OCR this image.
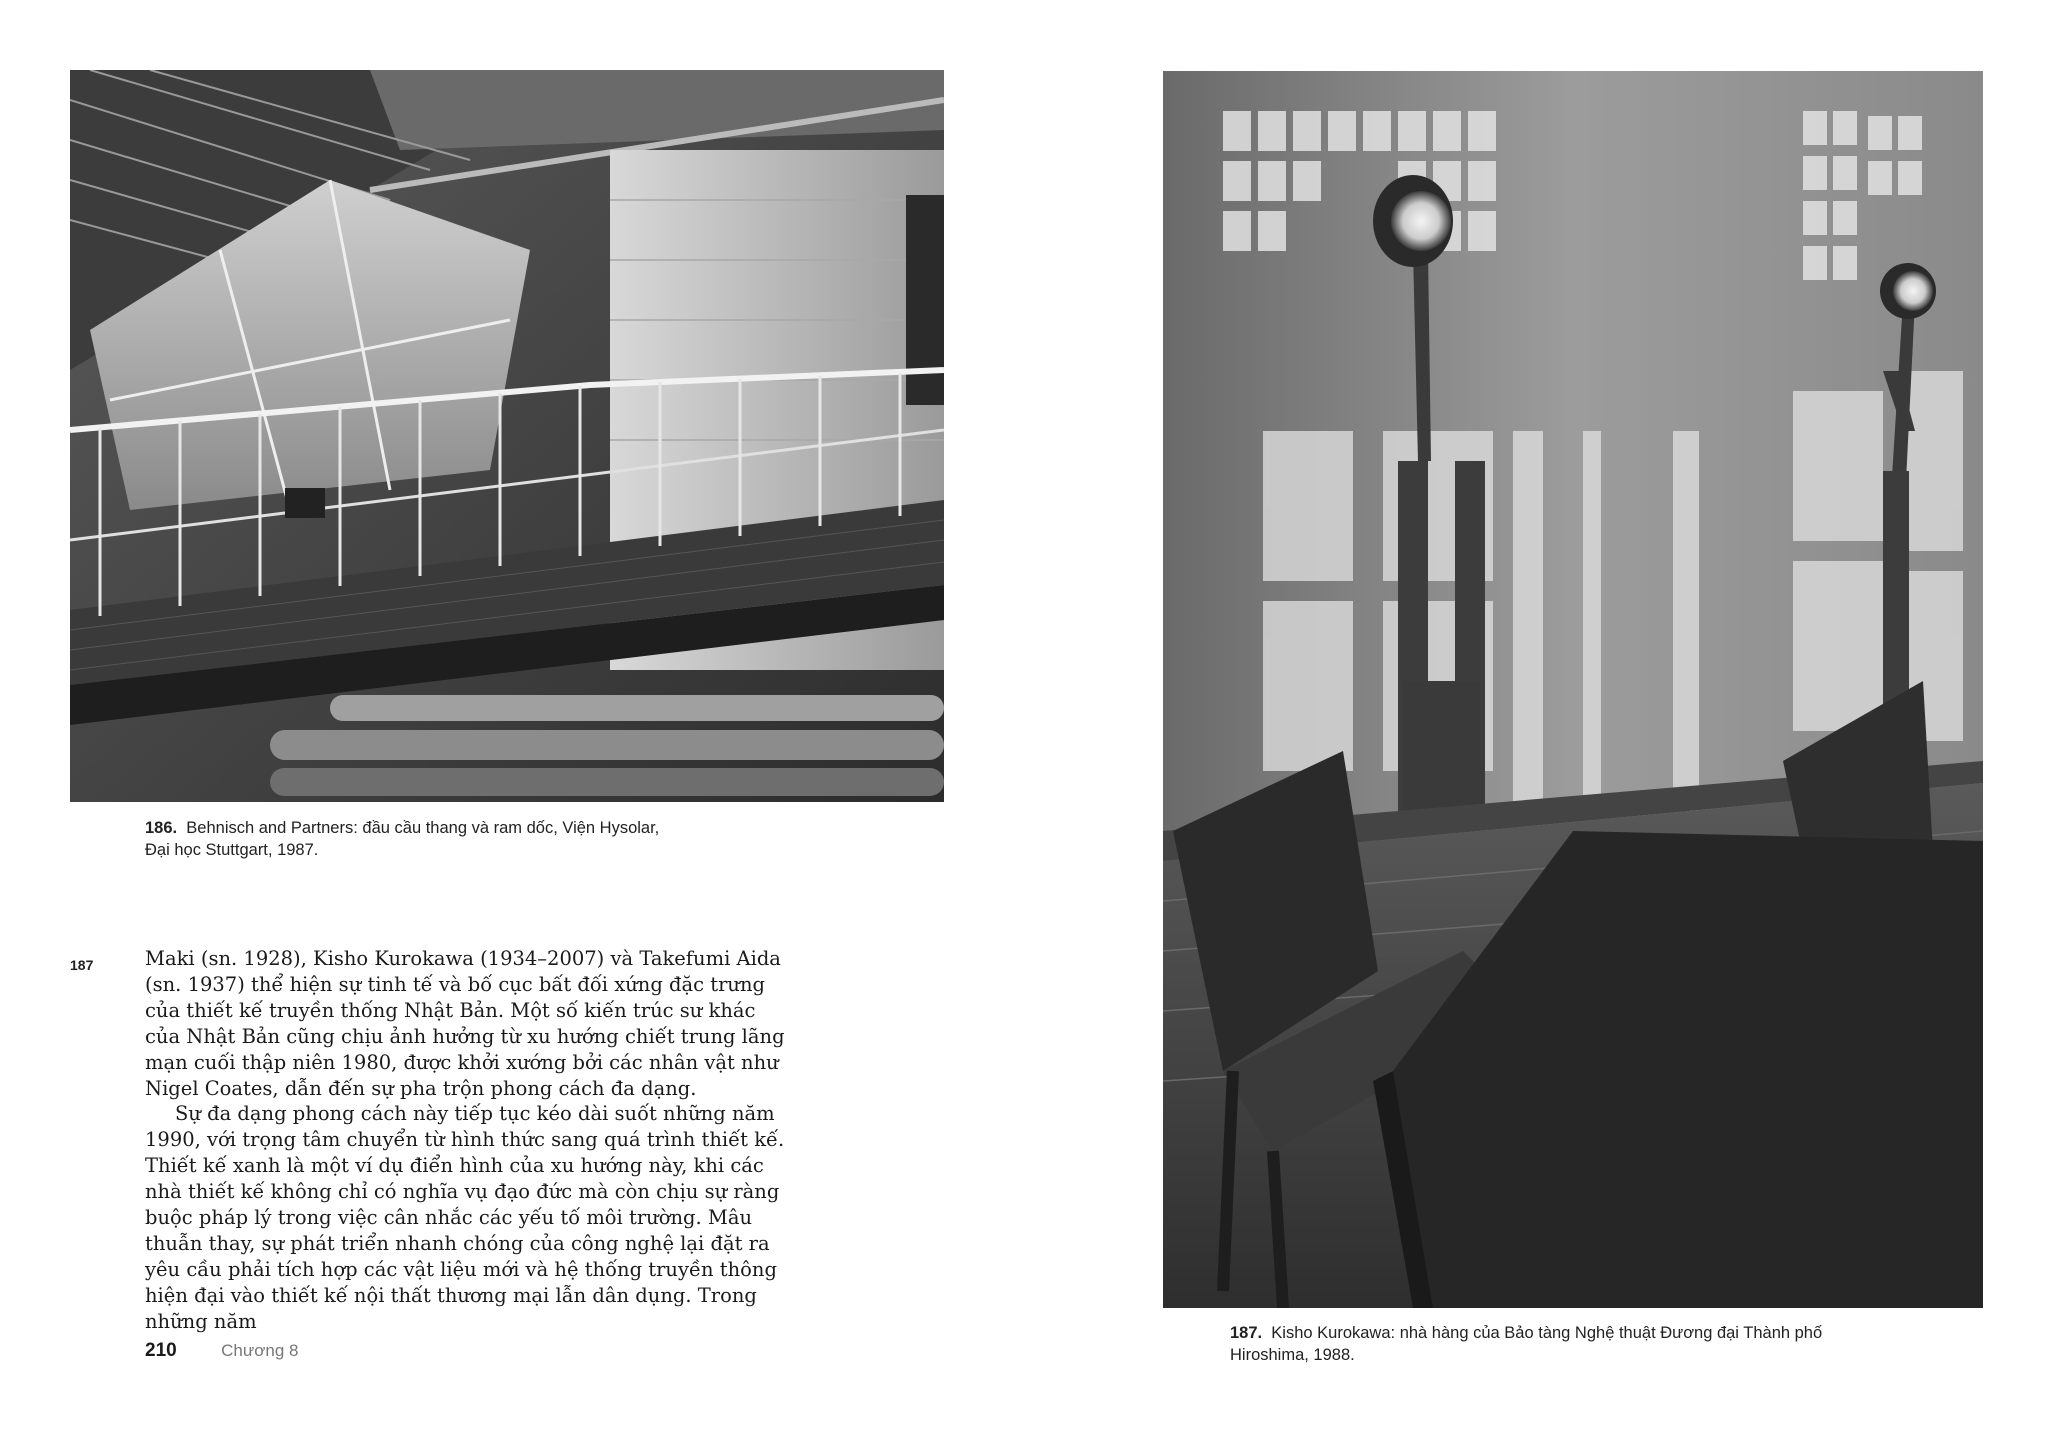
186. Behnisch and Partners: đầu cầu thang và ram dốc, Viện Hysolar,
Đại học Stuttgart, 1987.
187	Maki (sn. 1928), Kisho Kurokawa (1934–2007) và Takefumi Aida (sn. 1937) thể hiện sự tinh tế và bố cục bất đối xứng đặc trưng của thiết kế truyền thống Nhật Bản. Một số kiến trúc sư khác của Nhật Bản cũng chịu ảnh hưởng từ xu hướng chiết trung lãng mạn cuối thập niên 1980, được khởi xướng bởi các nhân vật như Nigel Coates, dẫn đến sự pha trộn phong cách đa dạng.

Sự đa dạng phong cách này tiếp tục kéo dài suốt những năm 1990, với trọng tâm chuyển từ hình thức sang quá trình thiết kế. Thiết kế xanh là một ví dụ điển hình của xu hướng này, khi các nhà thiết kế không chỉ có nghĩa vụ đạo đức mà còn chịu sự ràng buộc pháp lý trong việc cân nhắc các yếu tố môi trường. Mâu thuẫn thay, sự phát triển nhanh chóng của công nghệ lại đặt ra yêu cầu phải tích hợp các vật liệu mới và hệ thống truyền thông hiện đại vào thiết kế nội thất thương mại lẫn dân dụng. Trong những năm

210	Chương 8
187. Kisho Kurokawa: nhà hàng của Bảo tàng Nghệ thuật Đương đại Thành phố
Hiroshima, 1988.
